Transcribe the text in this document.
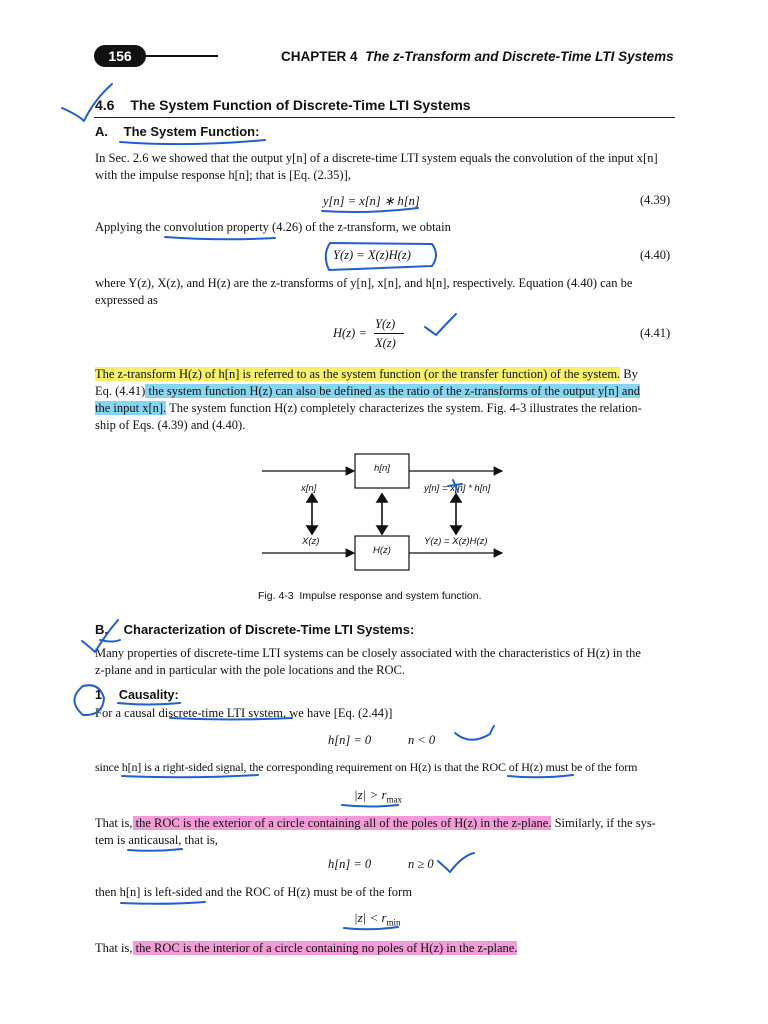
156	CHAPTER 4 The z-Transform and Discrete-Time LTI Systems
4.6 The System Function of Discrete-Time LTI Systems
A. The System Function:
In Sec. 2.6 we showed that the output y[n] of a discrete-time LTI system equals the convolution of the input x[n]
with the impulse response h[n]; that is [Eq. (2.35)],
y[n] = x[n] ∗ h[n]	(4.39)
Applying the convolution property (4.26) of the z-transform, we obtain
Y(z) = X(z)H(z)	(4.40)
where Y(z), X(z), and H(z) are the z-transforms of y[n], x[n], and h[n], respectively. Equation (4.40) can be
expressed as
H(z) =
Y(z)
X(z)
(4.41)
The z-transform H(z) of h[n] is referred to as the system function (or the transfer function) of the system. By
Eq. (4.41) the system function H(z) can also be defined as the ratio of the z-transforms of the output y[n] and
the input x[n]. The system function H(z) completely characterizes the system. Fig. 4-3 illustrates the relation-
ship of Eqs. (4.39) and (4.40).
h[n]
H(z)
x[n]	y[n] = x[n] * h[n]
X(z)	Y(z) = X(z)H(z)
Fig. 4-3  Impulse response and system function.
B. Characterization of Discrete-Time LTI Systems:
Many properties of discrete-time LTI systems can be closely associated with the characteristics of H(z) in the
z-plane and in particular with the pole locations and the ROC.
1. Causality:
For a causal discrete-time LTI system, we have [Eq. (2.44)]
h[n] = 0	n < 0
since h[n] is a right-sided signal, the corresponding requirement on H(z) is that the ROC of H(z) must be of the form
$|z| > r_{max}$
That is, the ROC is the exterior of a circle containing all of the poles of H(z) in the z-plane. Similarly, if the sys-
tem is anticausal, that is,
h[n] = 0	n ≥ 0
then h[n] is left-sided and the ROC of H(z) must be of the form
$|z| < r_{min}$
That is, the ROC is the interior of a circle containing no poles of H(z) in the z-plane.
